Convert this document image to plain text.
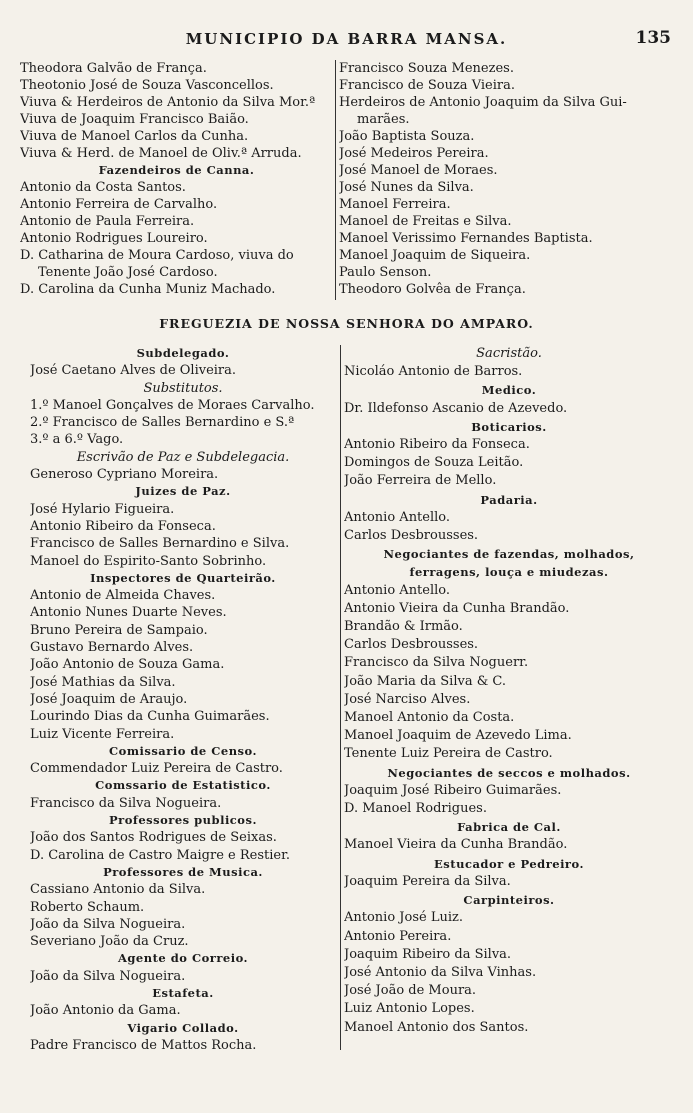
MUNICIPIO DA BARRA MANSA.	135
Theodora Galvão de França.
Theotonio José de Souza Vasconcellos.
Viuva & Herdeiros de Antonio da Silva Mor.ª
Viuva de Joaquim Francisco Baião.
Viuva de Manoel Carlos da Cunha.
Viuva & Herd. de Manoel de Oliv.ª Arruda.
Fazendeiros de Canna.
Antonio da Costa Santos.
Antonio Ferreira de Carvalho.
Antonio de Paula Ferreira.
Antonio Rodrigues Loureiro.
D. Catharina de Moura Cardoso, viuva do
Tenente João José Cardoso.
D. Carolina da Cunha Muniz Machado.
Francisco Souza Menezes.
Francisco de Souza Vieira.
Herdeiros de Antonio Joaquim da Silva Gui-
marães.
João Baptista Souza.
José Medeiros Pereira.
José Manoel de Moraes.
José Nunes da Silva.
Manoel Ferreira.
Manoel de Freitas e Silva.
Manoel Verissimo Fernandes Baptista.
Manoel Joaquim de Siqueira.
Paulo Senson.
Theodoro Golvêa de França.
FREGUEZIA DE NOSSA SENHORA DO AMPARO.
Subdelegado.
José Caetano Alves de Oliveira.
Substitutos.
1.º Manoel Gonçalves de Moraes Carvalho.
2.º Francisco de Salles Bernardino e S.ª
3.º a 6.º Vago.
Escrivão de Paz e Subdelegacia.
Generoso Cypriano Moreira.
Juizes de Paz.
José Hylario Figueira.
Antonio Ribeiro da Fonseca.
Francisco de Salles Bernardino e Silva.
Manoel do Espirito-Santo Sobrinho.
Inspectores de Quarteirão.
Antonio de Almeida Chaves.
Antonio Nunes Duarte Neves.
Bruno Pereira de Sampaio.
Gustavo Bernardo Alves.
João Antonio de Souza Gama.
José Mathias da Silva.
José Joaquim de Araujo.
Lourindo Dias da Cunha Guimarães.
Luiz Vicente Ferreira.
Comissario de Censo.
Commendador Luiz Pereira de Castro.
Comssario de Estatistico.
Francisco da Silva Nogueira.
Professores publicos.
João dos Santos Rodrigues de Seixas.
D. Carolina de Castro Maigre e Restier.
Professores de Musica.
Cassiano Antonio da Silva.
Roberto Schaum.
João da Silva Nogueira.
Severiano João da Cruz.
Agente do Correio.
João da Silva Nogueira.
Estafeta.
João Antonio da Gama.
Vigario Collado.
Padre Francisco de Mattos Rocha.
Sacristão.
Nicoláo Antonio de Barros.
Medico.
Dr. Ildefonso Ascanio de Azevedo.
Boticarios.
Antonio Ribeiro da Fonseca.
Domingos de Souza Leitão.
João Ferreira de Mello.
Padaria.
Antonio Antello.
Carlos Desbrousses.
Negociantes de fazendas, molhados,
ferragens, louça e miudezas.
Antonio Antello.
Antonio Vieira da Cunha Brandão.
Brandão & Irmão.
Carlos Desbrousses.
Francisco da Silva Noguerr.
João Maria da Silva & C.
José Narciso Alves.
Manoel Antonio da Costa.
Manoel Joaquim de Azevedo Lima.
Tenente Luiz Pereira de Castro.
Negociantes de seccos e molhados.
Joaquim José Ribeiro Guimarães.
D. Manoel Rodrigues.
Fabrica de Cal.
Manoel Vieira da Cunha Brandão.
Estucador e Pedreiro.
Joaquim Pereira da Silva.
Carpinteiros.
Antonio José Luiz.
Antonio Pereira.
Joaquim Ribeiro da Silva.
José Antonio da Silva Vinhas.
José João de Moura.
Luiz Antonio Lopes.
Manoel Antonio dos Santos.
